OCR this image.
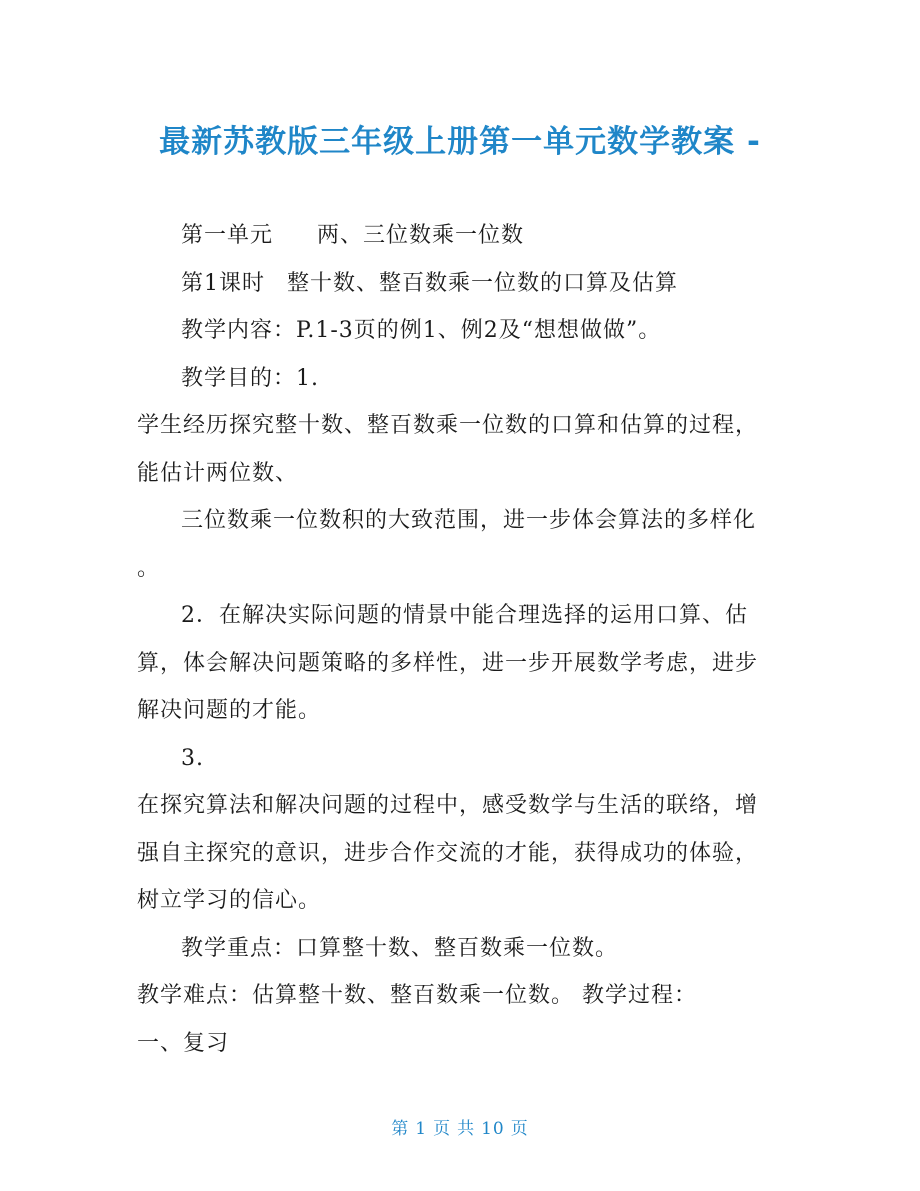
最新苏教版三年级上册第一单元数学教案 -
第一单元 两、三位数乘一位数
第1课时 整十数、整百数乘一位数的口算及估算
教学内容：P.1-3页的例1、例2及“想想做做”。
教学目的：1.
学生经历探究整十数、整百数乘一位数的口算和估算的过程，
能估计两位数、
三位数乘一位数积的大致范围，进一步体会算法的多样化
。
2．在解决实际问题的情景中能合理选择的运用口算、估
算，体会解决问题策略的多样性，进一步开展数学考虑，进步
解决问题的才能。
3.
在探究算法和解决问题的过程中，感受数学与生活的联络，增
强自主探究的意识，进步合作交流的才能，获得成功的体验，
树立学习的信心。
教学重点：口算整十数、整百数乘一位数。
教学难点：估算整十数、整百数乘一位数。 教学过程：
一、复习
第 1 页 共 10 页
